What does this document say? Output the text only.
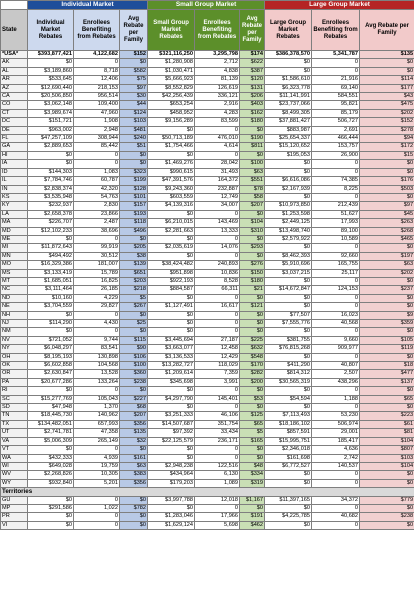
	Individual Market			Small Group Market			Large Group Market		
State	Individual Market Rebates	Enrollees Benefiting from Rebates	Avg Rebate per Family	Small Group Market Rebates	Enrollees Benefiting from Rebates	Avg Rebate per Family	Large Group Market Rebates	Enrollees Benefiting from Rebates	Avg Rebate per Family
*USA*	$393,877,421	4,122,682	$152	$321,116,250	3,295,798	$174	$386,378,570	5,341,787	$135
AK	$0	0	$0	$1,280,908	2,712	$622	$0	0	$0
AL	$3,189,860	8,718	$582	$1,030,471	4,838	$387	$0	0	$0
AR	$533,645	12,406	$75	$5,666,923	81,139	$120	$1,586,610	21,916	$114
AZ	$12,690,440	218,153	$97	$8,552,829	126,619	$131	$6,323,778	69,140	$177
CA	$20,506,850	956,514	$30	$42,256,439	336,121	$206	$11,141,991	584,551	$43
CO	$3,062,148	109,400	$44	$653,254	2,916	$403	$23,737,066	95,821	$475
CT	$3,989,674	47,960	$124	$458,952	4,283	$162	$8,499,305	85,179	$202
DC	$151,721	1,908	$103	$9,156,289	83,599	$180	$37,881,427	506,727	$152
DE	$963,002	2,948	$481	$0	0	$0	$883,987	2,691	$278
FL	$47,257,109	308,944	$240	$50,713,189	476,010	$190	$25,654,337	466,444	$94
GA	$2,889,653	85,442	$51	$1,754,466	4,614	$811	$15,120,652	153,757	$172
HI	$0	0	$0	$0	0	$0	$195,053	26,900	$15
IA	$0	0	$0	$1,469,276	28,042	$100	$0	0	$0
ID	$144,303	1,083	$323	$990,615	31,493	$63	$0	0	$0
IL	$7,784,746	60,787	$199	$47,391,576	164,372	$551	$6,616,086	74,385	$176
IN	$2,838,374	42,320	$128	$9,243,360	232,887	$78	$2,167,939	8,225	$503
KS	$3,535,948	54,763	$101	$603,559	12,749	$58	$0	0	$0
KY	$232,937	2,830	$157	$4,139,316	34,007	$207	$10,973,850	212,439	$97
LA	$2,658,378	23,866	$193	$0	0	$0	$1,253,598	51,627	$45
MA	$226,707	2,487	$118	$6,210,015	143,469	$104	$2,449,125	17,993	$263
MD	$12,102,233	38,696	$496	$2,281,663	13,333	$310	$13,498,740	89,100	$268
ME	$0	0	$0	$0	0	$0	$2,579,922	10,589	$465
MI	$11,872,643	99,919	$205	$2,035,619	14,076	$293	$0	0	$0
MN	$494,492	30,512	$38	$0	0	$0	$8,462,393	92,660	$197
MO	$16,329,386	181,007	$139	$38,424,482	240,893	$276	$5,910,696	165,755	$63
MS	$3,133,419	15,789	$651	$951,898	10,836	$150	$3,037,215	25,117	$202
MT	$1,685,051	16,825	$203	$922,193	8,528	$180	$0	0	$0
NC	$3,111,464	26,185	$218	$884,587	66,311	$21	$14,672,847	124,153	$237
ND	$10,160	4,229	$5	$0	0	$0	$0	0	$0
NE	$3,704,559	29,827	$267	$1,127,491	16,617	$121	$0	0	$0
NH	$0	0	$0	$0	0	$0	$77,507	16,023	$9
NJ	$114,290	4,430	$25	$0	0	$0	$7,555,776	40,568	$359
NM	$0	0	$0	$0	0	$0	$0	0	$0
NV	$721,052	9,744	$115	$3,445,694	27,187	$225	$381,755	9,660	$105
NY	$6,048,297	83,541	$90	$3,663,077	12,458	$632	$76,815,268	909,977	$119
OH	$8,195,193	130,898	$106	$3,136,533	12,429	$548	$0	0	$0
OK	$6,602,858	104,568	$100	$13,282,727	118,029	$170	$411,290	40,807	$18
OR	$2,630,847	13,528	$360	$1,209,614	7,359	$282	$814,312	2,507	$477
PA	$20,677,286	133,264	$238	$345,698	3,991	$200	$30,565,319	438,296	$137
RI	$0	0	$0	$0	0	$0	$0	0	$0
SC	$15,277,769	105,043	$227	$4,297,790	145,401	$53	$54,594	1,188	$65
SD	$47,948	1,370	$68	$0	0	$0	$0	0	$0
TN	$18,445,730	140,962	$207	$3,251,333	46,106	$125	$7,113,493	53,230	$223
TX	$134,482,051	657,993	$356	$14,507,687	351,754	$65	$18,186,102	506,974	$61
UT	$2,741,781	47,358	$135	$97,392	33,434	$5	$857,591	29,001	$81
VA	$5,006,309	265,149	$32	$22,125,579	236,171	$165	$15,995,751	185,417	$104
VT	$0	0	$0	$0	0	$0	$2,346,018	4,636	$807
WA	$432,333	4,939	$161	$0	0	$0	$161,698	2,742	$103
WI	$649,028	19,759	$63	$2,948,238	122,516	$48	$6,772,527	140,537	$104
WV	$2,268,826	10,305	$383	$434,964	6,130	$334	$0	0	$0
WY	$932,840	5,201	$356	$179,203	1,089	$319	$0	0	$0
Territories									
GU	$0	0	$0	$3,997,788	12,018	$1,167	$11,397,165	34,372	$779
MP	$291,586	1,022	$782	$0	0	$0	$0	0	$0
PR	$0	0	$0	$1,283,046	17,966	$191	$4,225,785	40,682	$238
VI	$0	0	$0	$1,629,124	5,698	$462	$0	0	$0
